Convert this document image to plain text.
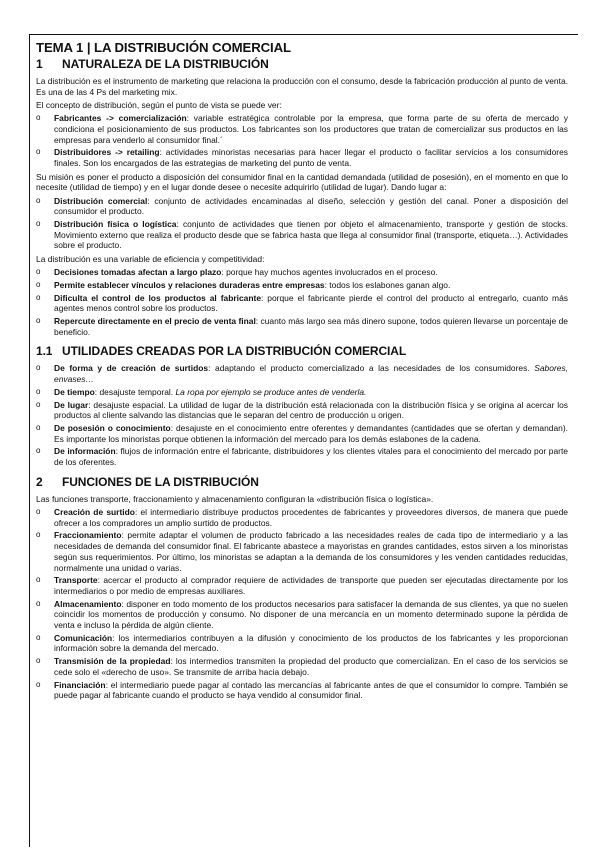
TEMA 1 | LA DISTRIBUCIÓN COMERCIAL
1	NATURALEZA DE LA DISTRIBUCIÓN

La distribución es el instrumento de marketing que relaciona la producción con el consumo, desde la fabricación producción al punto de venta. Es una de las 4 Ps del marketing mix.

El concepto de distribución, según el punto de vista se puede ver:

o	Fabricantes -> comercialización: variable estratégica controlable por la empresa, que forma parte de su oferta de mercado y condiciona el posicionamiento de sus productos. Los fabricantes son los productores que tratan de comercializar sus productos en las empresas para venderlo al consumidor final.´
o	Distribuidores -> retailing: actividades minoristas necesarias para hacer llegar el producto o facilitar servicios a los consumidores finales. Son los encargados de las estrategias de marketing del punto de venta.

Su misión es poner el producto a disposición del consumidor final en la cantidad demandada (utilidad de posesión), en el momento en que lo necesite (utilidad de tiempo) y en el lugar donde desee o necesite adquirirlo (utilidad de lugar). Dando lugar a:

o	Distribución comercial: conjunto de actividades encaminadas al diseño, selección y gestión del canal. Poner a disposición del consumidor el producto.
o	Distribución física o logística: conjunto de actividades que tienen por objeto el almacenamiento, transporte y gestión de stocks. Movimiento externo que realiza el producto desde que se fabrica hasta que llega al consumidor final (transporte, etiqueta…). Actividades sobre el producto.

La distribución es una variable de eficiencia y competitividad:

o	Decisiones tomadas afectan a largo plazo: porque hay muchos agentes involucrados en el proceso.
o	Permite establecer vínculos y relaciones duraderas entre empresas: todos los eslabones ganan algo.
o	Dificulta el control de los productos al fabricante: porque el fabricante pierde el control del producto al entregarlo, cuanto más agentes menos control sobre los productos.
o	Repercute directamente en el precio de venta final: cuanto más largo sea más dinero supone, todos quieren llevarse un porcentaje de beneficio.
1.1 UTILIDADES CREADAS POR LA DISTRIBUCIÓN COMERCIAL
o	De forma y de creación de surtidos: adaptando el producto comercializado a las necesidades de los consumidores. Sabores, envases…
o	De tiempo: desajuste temporal. La ropa por ejemplo se produce antes de venderla.
o	De lugar: desajuste espacial. La utilidad de lugar de la distribución está relacionada con la distribución física y se origina al acercar los productos al cliente salvando las distancias que le separan del centro de producción u origen.
o	De posesión o conocimiento: desajuste en el conocimiento entre oferentes y demandantes (cantidades que se ofertan y demandan). Es importante los minoristas porque obtienen la información del mercado para los demás eslabones de la cadena.
o	De información: flujos de información entre el fabricante, distribuidores y los clientes vitales para el conocimiento del mercado por parte de los oferentes.
2	FUNCIONES DE LA DISTRIBUCIÓN

Las funciones transporte, fraccionamiento y almacenamiento configuran la «distribución física o logística».

o	Creación de surtido: el intermediario distribuye productos procedentes de fabricantes y proveedores diversos, de manera que puede ofrecer a los compradores un amplio surtido de productos.
o	Fraccionamiento: permite adaptar el volumen de producto fabricado a las necesidades reales de cada tipo de intermediario y a las necesidades de demanda del consumidor final. El fabricante abastece a mayoristas en grandes cantidades, estos sirven a los minoristas según sus requerimientos. Por último, los minoristas se adaptan a la demanda de los consumidores y les venden cantidades reducidas, normalmente una unidad o varias.
o	Transporte: acercar el producto al comprador requiere de actividades de transporte que pueden ser ejecutadas directamente por los intermediarios o por medio de empresas auxiliares.
o	Almacenamiento: disponer en todo momento de los productos necesarios para satisfacer la demanda de sus clientes, ya que no suelen coincidir los momentos de producción y consumo. No disponer de una mercancía en un momento determinado supone la pérdida de venta e incluso la pérdida de algún cliente.
o	Comunicación: los intermediarios contribuyen a la difusión y conocimiento de los productos de los fabricantes y les proporcionan información sobre la demanda del mercado.
o	Transmisión de la propiedad: los intermedios transmiten la propiedad del producto que comercializan. En el caso de los servicios se cede solo el «derecho de uso». Se transmite de arriba hacia debajo.
o	Financiación: el intermediario puede pagar al contado las mercancías al fabricante antes de que el consumidor lo compre. También se puede pagar al fabricante cuando el producto se haya vendido al consumidor final.
